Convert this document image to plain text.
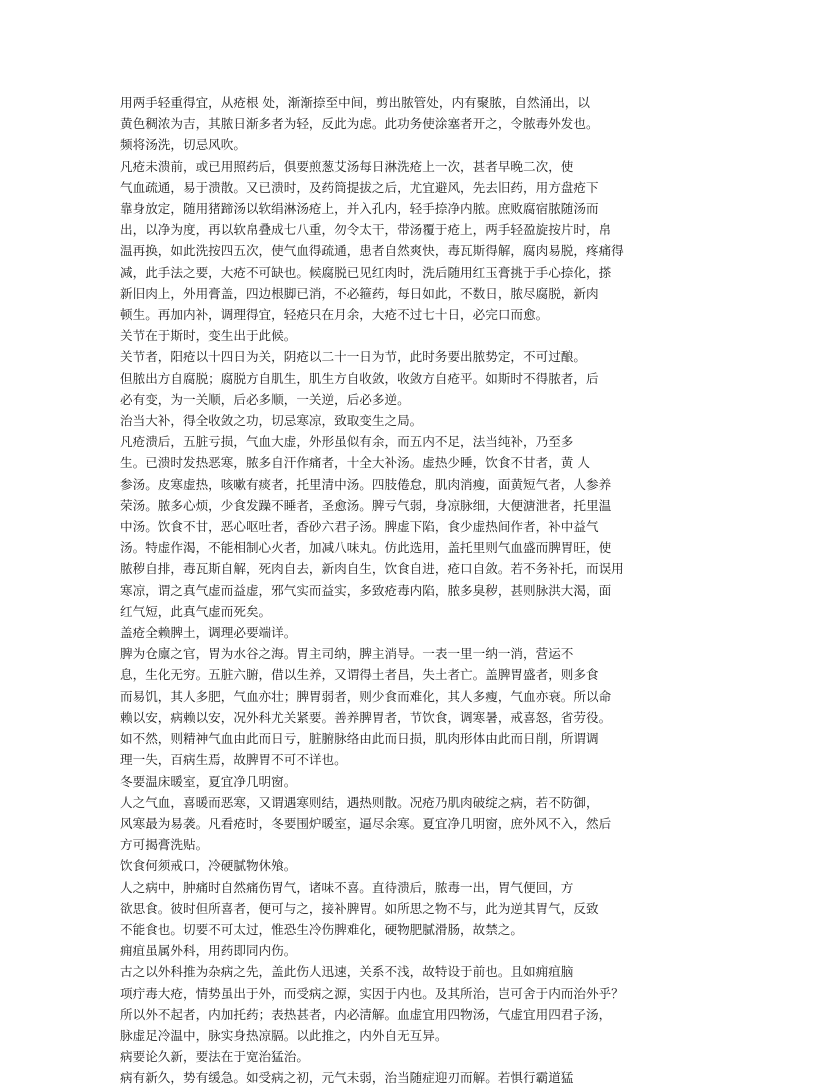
用两手轻重得宜，从疮根 处，渐渐捺至中间，剪出脓管处，内有聚脓，自然涌出，以
黄色稠浓为吉，其脓日渐多者为轻，反此为虑。此功务使涂塞者开之，令脓毒外发也。
频将汤洗，切忌风吹。
凡疮未溃前，或已用照药后，俱要煎葱艾汤每日淋洗疮上一次，甚者早晚二次，使
气血疏通，易于溃散。又已溃时，及药筒提拔之后，尤宜避风，先去旧药，用方盘疮下
靠身放定，随用猪蹄汤以软绢淋汤疮上，并入孔内，轻手捺净内脓。庶败腐宿脓随汤而
出，以净为度，再以软帛叠成七八重，勿令太干，带汤覆于疮上，两手轻盈旋按片时，帛
温再换，如此洗按四五次，使气血得疏通，患者自然爽快，毒瓦斯得解，腐肉易脱，疼痛得
减，此手法之要，大疮不可缺也。候腐脱已见红肉时，洗后随用红玉膏挑于手心捺化，搽
新旧肉上，外用膏盖，四边根脚已消，不必箍药，每日如此，不数日，脓尽腐脱，新肉
顿生。再加内补，调理得宜，轻疮只在月余，大疮不过七十日，必完口而愈。
关节在于斯时，变生出于此候。
关节者，阳疮以十四日为关，阴疮以二十一日为节，此时务要出脓势定，不可过酿。
但脓出方自腐脱；腐脱方自肌生，肌生方自收敛，收敛方自疮平。如斯时不得脓者，后
必有变，为一关顺，后必多顺，一关逆，后必多逆。
治当大补，得全收敛之功，切忌寒凉，致取变生之局。
凡疮溃后，五脏亏损，气血大虚，外形虽似有余，而五内不足，法当纯补，乃至多
生。已溃时发热恶寒，脓多自汗作痛者，十全大补汤。虚热少睡，饮食不甘者，黄 人
参汤。皮寒虚热，咳嗽有痰者，托里清中汤。四肢倦怠，肌肉消瘦，面黄短气者，人参养
荣汤。脓多心烦，少食发躁不睡者，圣愈汤。脾亏气弱，身凉脉细，大便溏泄者，托里温
中汤。饮食不甘，恶心呕吐者，香砂六君子汤。脾虚下陷，食少虚热间作者，补中益气
汤。特虚作渴，不能相制心火者，加减八味丸。仿此选用，盖托里则气血盛而脾胃旺，使
脓秽自排，毒瓦斯自解，死肉自去，新肉自生，饮食自进，疮口自敛。若不务补托，而误用
寒凉，谓之真气虚而益虚，邪气实而益实，多致疮毒内陷，脓多臭秽，甚则脉洪大渴，面
红气短，此真气虚而死矣。
盖疮全赖脾土，调理必要端详。
脾为仓廪之官，胃为水谷之海。胃主司纳，脾主消导。一表一里一纳一消，营运不
息，生化无穷。五脏六腑，借以生养，又谓得土者昌，失土者亡。盖脾胃盛者，则多食
而易饥，其人多肥，气血亦壮；脾胃弱者，则少食而难化，其人多瘦，气血亦衰。所以命
赖以安，病赖以安，况外科尤关紧要。善养脾胃者，节饮食，调寒暑，戒喜怒，省劳役。
如不然，则精神气血由此而日亏，脏腑脉络由此而日损，肌肉形体由此而日削，所谓调
理一失，百病生焉，故脾胃不可不详也。
冬要温床暖室，夏宜净几明窗。
人之气血，喜暖而恶寒，又谓遇寒则结，遇热则散。况疮乃肌肉破绽之病，若不防御，
风寒最为易袭。凡看疮时，冬要围炉暖室，逼尽余寒。夏宜净几明窗，庶外风不入，然后
方可揭膏洗贴。
饮食何须戒口，冷硬腻物休飧。
人之病中，肿痛时自然痛伤胃气，诸味不喜。直待溃后，脓毒一出，胃气便回，方
欲思食。彼时但所喜者，便可与之，接补脾胃。如所思之物不与，此为逆其胃气，反致
不能食也。切要不可太过，惟恐生冷伤脾难化，硬物肥腻滑肠，故禁之。
痈疽虽属外科，用药即同内伤。
古之以外科推为杂病之先，盖此伤人迅速，关系不浅，故特设于前也。且如痈疽脑
项疔毒大疮，情势虽出于外，而受病之源，实因于内也。及其所治，岂可舍于内而治外乎？
所以外不起者，内加托药；表热甚者，内必清解。血虚宜用四物汤，气虚宜用四君子汤，
脉虚足冷温中，脉实身热凉膈。以此推之，内外自无互异。
病要论久新，要法在于宽治猛治。
病有新久，势有缓急。如受病之初，元气未弱，治当随症迎刃而解。若惧行霸道猛
